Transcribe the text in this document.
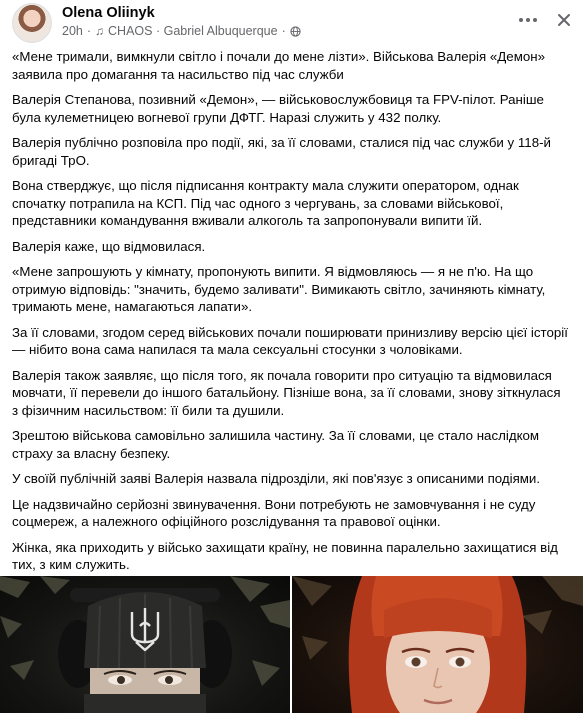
Olena Oliinyk
20h · ♫ CHAOS · Gabriel Albuquerque ·

«Мене тримали, вимкнули світло і почали до мене лізти». Військова Валерія «Демон» заявила про домагання та насильство під час служби

Валерія Степанова, позивний «Демон», — військовослужбовиця та FPV-пілот. Раніше була кулеметницею вогневої групи ДФТГ. Наразі служить у 432 полку.

Валерія публічно розповіла про події, які, за її словами, сталися під час служби у 118-й бригаді ТрО.

Вона стверджує, що після підписання контракту мала служити оператором, однак спочатку потрапила на КСП. Під час одного з чергувань, за словами військової, представники командування вживали алкоголь та запропонували випити їй.

Валерія каже, що відмовилася.

«Мене запрошують у кімнату, пропонують випити. Я відмовляюсь — я не п'ю. На що отримую відповідь: "значить, будемо заливати". Вимикають світло, зачиняють кімнату, тримають мене, намагаються лапати».

За її словами, згодом серед військових почали поширювати принизливу версію цієї історії — нібито вона сама напилася та мала сексуальні стосунки з чоловіками.

Валерія також заявляє, що після того, як почала говорити про ситуацію та відмовилася мовчати, її перевели до іншого батальйону. Пізніше вона, за її словами, знову зіткнулася з фізичним насильством: її били та душили.

Зрештою військова самовільно залишила частину. За її словами, це стало наслідком страху за власну безпеку.

У своїй публічній заяві Валерія назвала підрозділи, які пов'язує з описаними подіями.

Це надзвичайно серйозні звинувачення. Вони потребують не замовчування і не суду соцмереж, а належного офіційного розслідування та правової оцінки.

Жінка, яка приходить у військо захищати країну, не повинна паралельно захищатися від тих, з ким служить.
